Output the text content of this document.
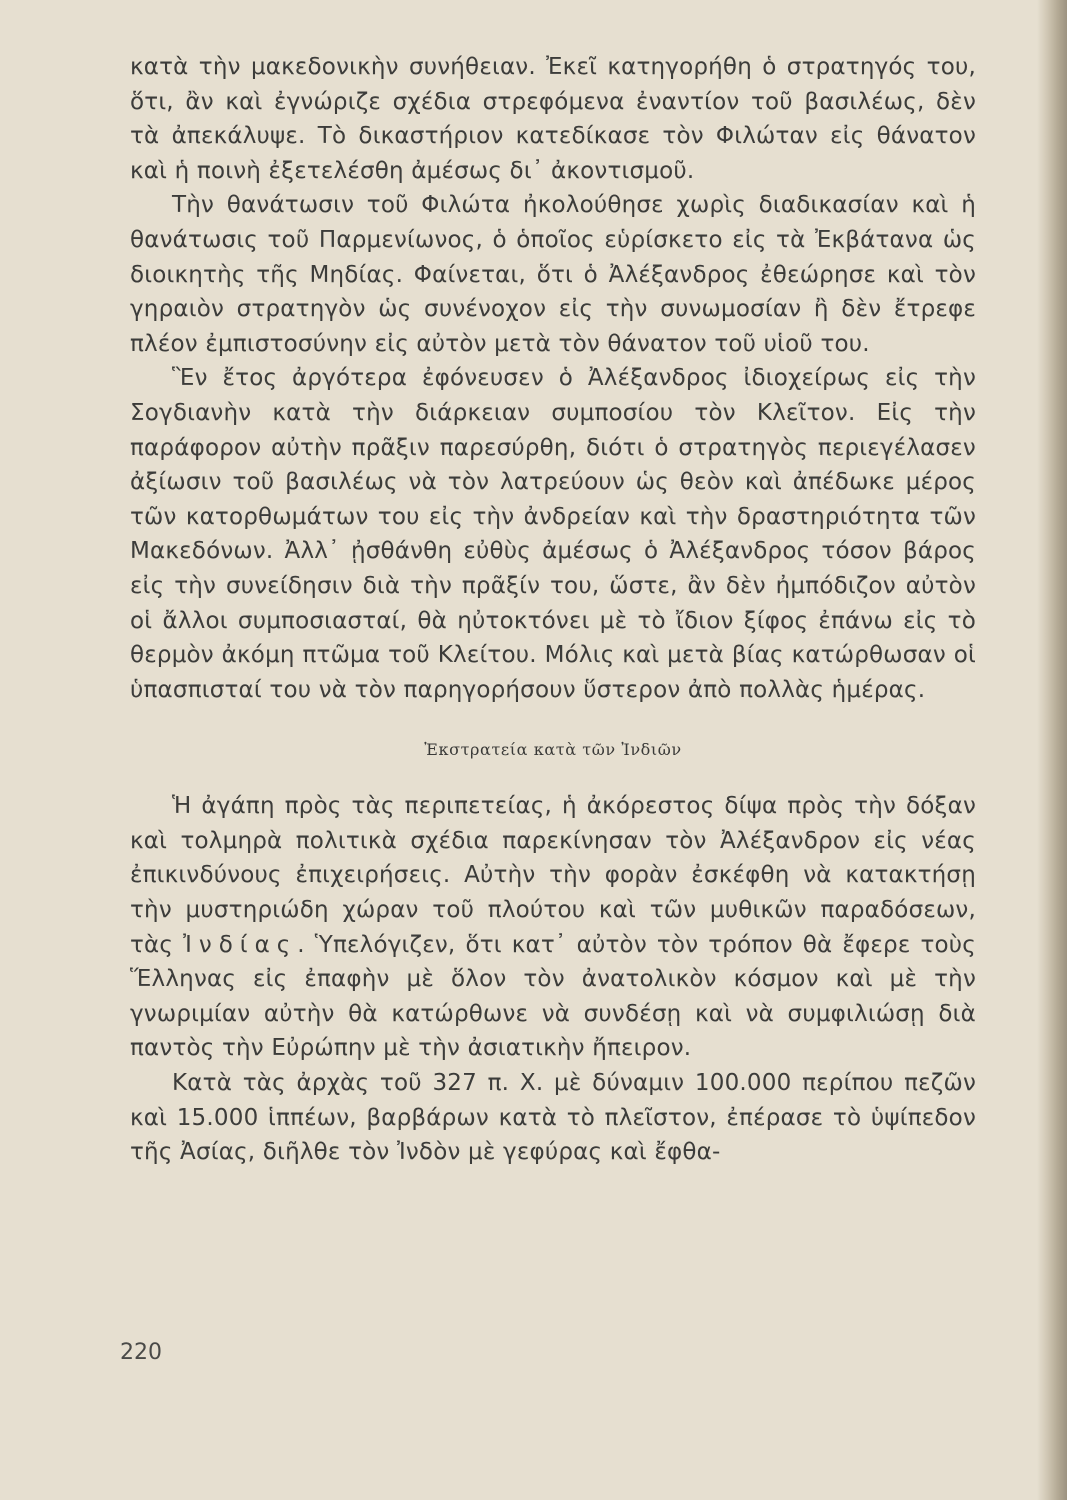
κατὰ τὴν μακεδονικὴν συνήθειαν. Ἐκεῖ κατηγορήθη ὁ στρατηγός του, ὅτι, ἂν καὶ ἐγνώριζε σχέδια στρεφόμενα ἐναντίον τοῦ βασιλέως, δὲν τὰ ἀπεκάλυψε. Τὸ δικαστήριον κατεδίκασε τὸν Φιλώταν εἰς θάνατον καὶ ἡ ποινὴ ἐξετελέσθη ἀμέσως δι᾽ ἀκοντισμοῦ.

Τὴν θανάτωσιν τοῦ Φιλώτα ἠκολούθησε χωρὶς διαδικασίαν καὶ ἡ θανάτωσις τοῦ Παρμενίωνος, ὁ ὁποῖος εὑρίσκετο εἰς τὰ Ἐκβάτανα ὡς διοικητὴς τῆς Μηδίας. Φαίνεται, ὅτι ὁ Ἀλέξανδρος ἐθεώρησε καὶ τὸν γηραιὸν στρατηγὸν ὡς συνένοχον εἰς τὴν συνωμοσίαν ἢ δὲν ἔτρεφε πλέον ἐμπιστοσύνην εἰς αὐτὸν μετὰ τὸν θάνατον τοῦ υἱοῦ του.

Ἓν ἔτος ἀργότερα ἐφόνευσεν ὁ Ἀλέξανδρος ἰδιοχείρως εἰς τὴν Σογδιανὴν κατὰ τὴν διάρκειαν συμποσίου τὸν Κλεῖτον. Εἰς τὴν παράφορον αὐτὴν πρᾶξιν παρεσύρθη, διότι ὁ στρατηγὸς περιεγέλασεν ἀξίωσιν τοῦ βασιλέως νὰ τὸν λατρεύουν ὡς θεὸν καὶ ἀπέδωκε μέρος τῶν κατορθωμάτων του εἰς τὴν ἀνδρείαν καὶ τὴν δραστηριότητα τῶν Μακεδόνων. Ἀλλ᾽ ᾐσθάνθη εὐθὺς ἀμέσως ὁ Ἀλέξανδρος τόσον βάρος εἰς τὴν συνείδησιν διὰ τὴν πρᾶξίν του, ὥστε, ἂν δὲν ἠμπόδιζον αὐτὸν οἱ ἄλλοι συμποσιασταί, θὰ ηὐτοκτόνει μὲ τὸ ἴδιον ξίφος ἐπάνω εἰς τὸ θερμὸν ἀκόμη πτῶμα τοῦ Κλείτου. Μόλις καὶ μετὰ βίας κατώρθωσαν οἱ ὑπασπισταί του νὰ τὸν παρηγορήσουν ὕστερον ἀπὸ πολλὰς ἡμέρας.

Ἐκστρατεία κατὰ τῶν Ἰνδιῶν

Ἡ ἀγάπη πρὸς τὰς περιπετείας, ἡ ἀκόρεστος δίψα πρὸς τὴν δόξαν καὶ τολμηρὰ πολιτικὰ σχέδια παρεκίνησαν τὸν Ἀλέξανδρον εἰς νέας ἐπικινδύνους ἐπιχειρήσεις. Αὐτὴν τὴν φορὰν ἐσκέφθη νὰ κατακτήσῃ τὴν μυστηριώδη χώραν τοῦ πλούτου καὶ τῶν μυθικῶν παραδόσεων, τὰς Ἰνδίας. Ὑπελόγιζεν, ὅτι κατ᾽ αὐτὸν τὸν τρόπον θὰ ἔφερε τοὺς Ἕλληνας εἰς ἐπαφὴν μὲ ὅλον τὸν ἀνατολικὸν κόσμον καὶ μὲ τὴν γνωριμίαν αὐτὴν θὰ κατώρθωνε νὰ συνδέσῃ καὶ νὰ συμφιλιώσῃ διὰ παντὸς τὴν Εὐρώπην μὲ τὴν ἀσιατικὴν ἤπειρον.

Κατὰ τὰς ἀρχὰς τοῦ 327 π. Χ. μὲ δύναμιν 100.000 περίπου πεζῶν καὶ 15.000 ἱππέων, βαρβάρων κατὰ τὸ πλεῖστον, ἐπέρασε τὸ ὑψίπεδον τῆς Ἀσίας, διῆλθε τὸν Ἰνδὸν μὲ γεφύρας καὶ ἔφθα-

220
